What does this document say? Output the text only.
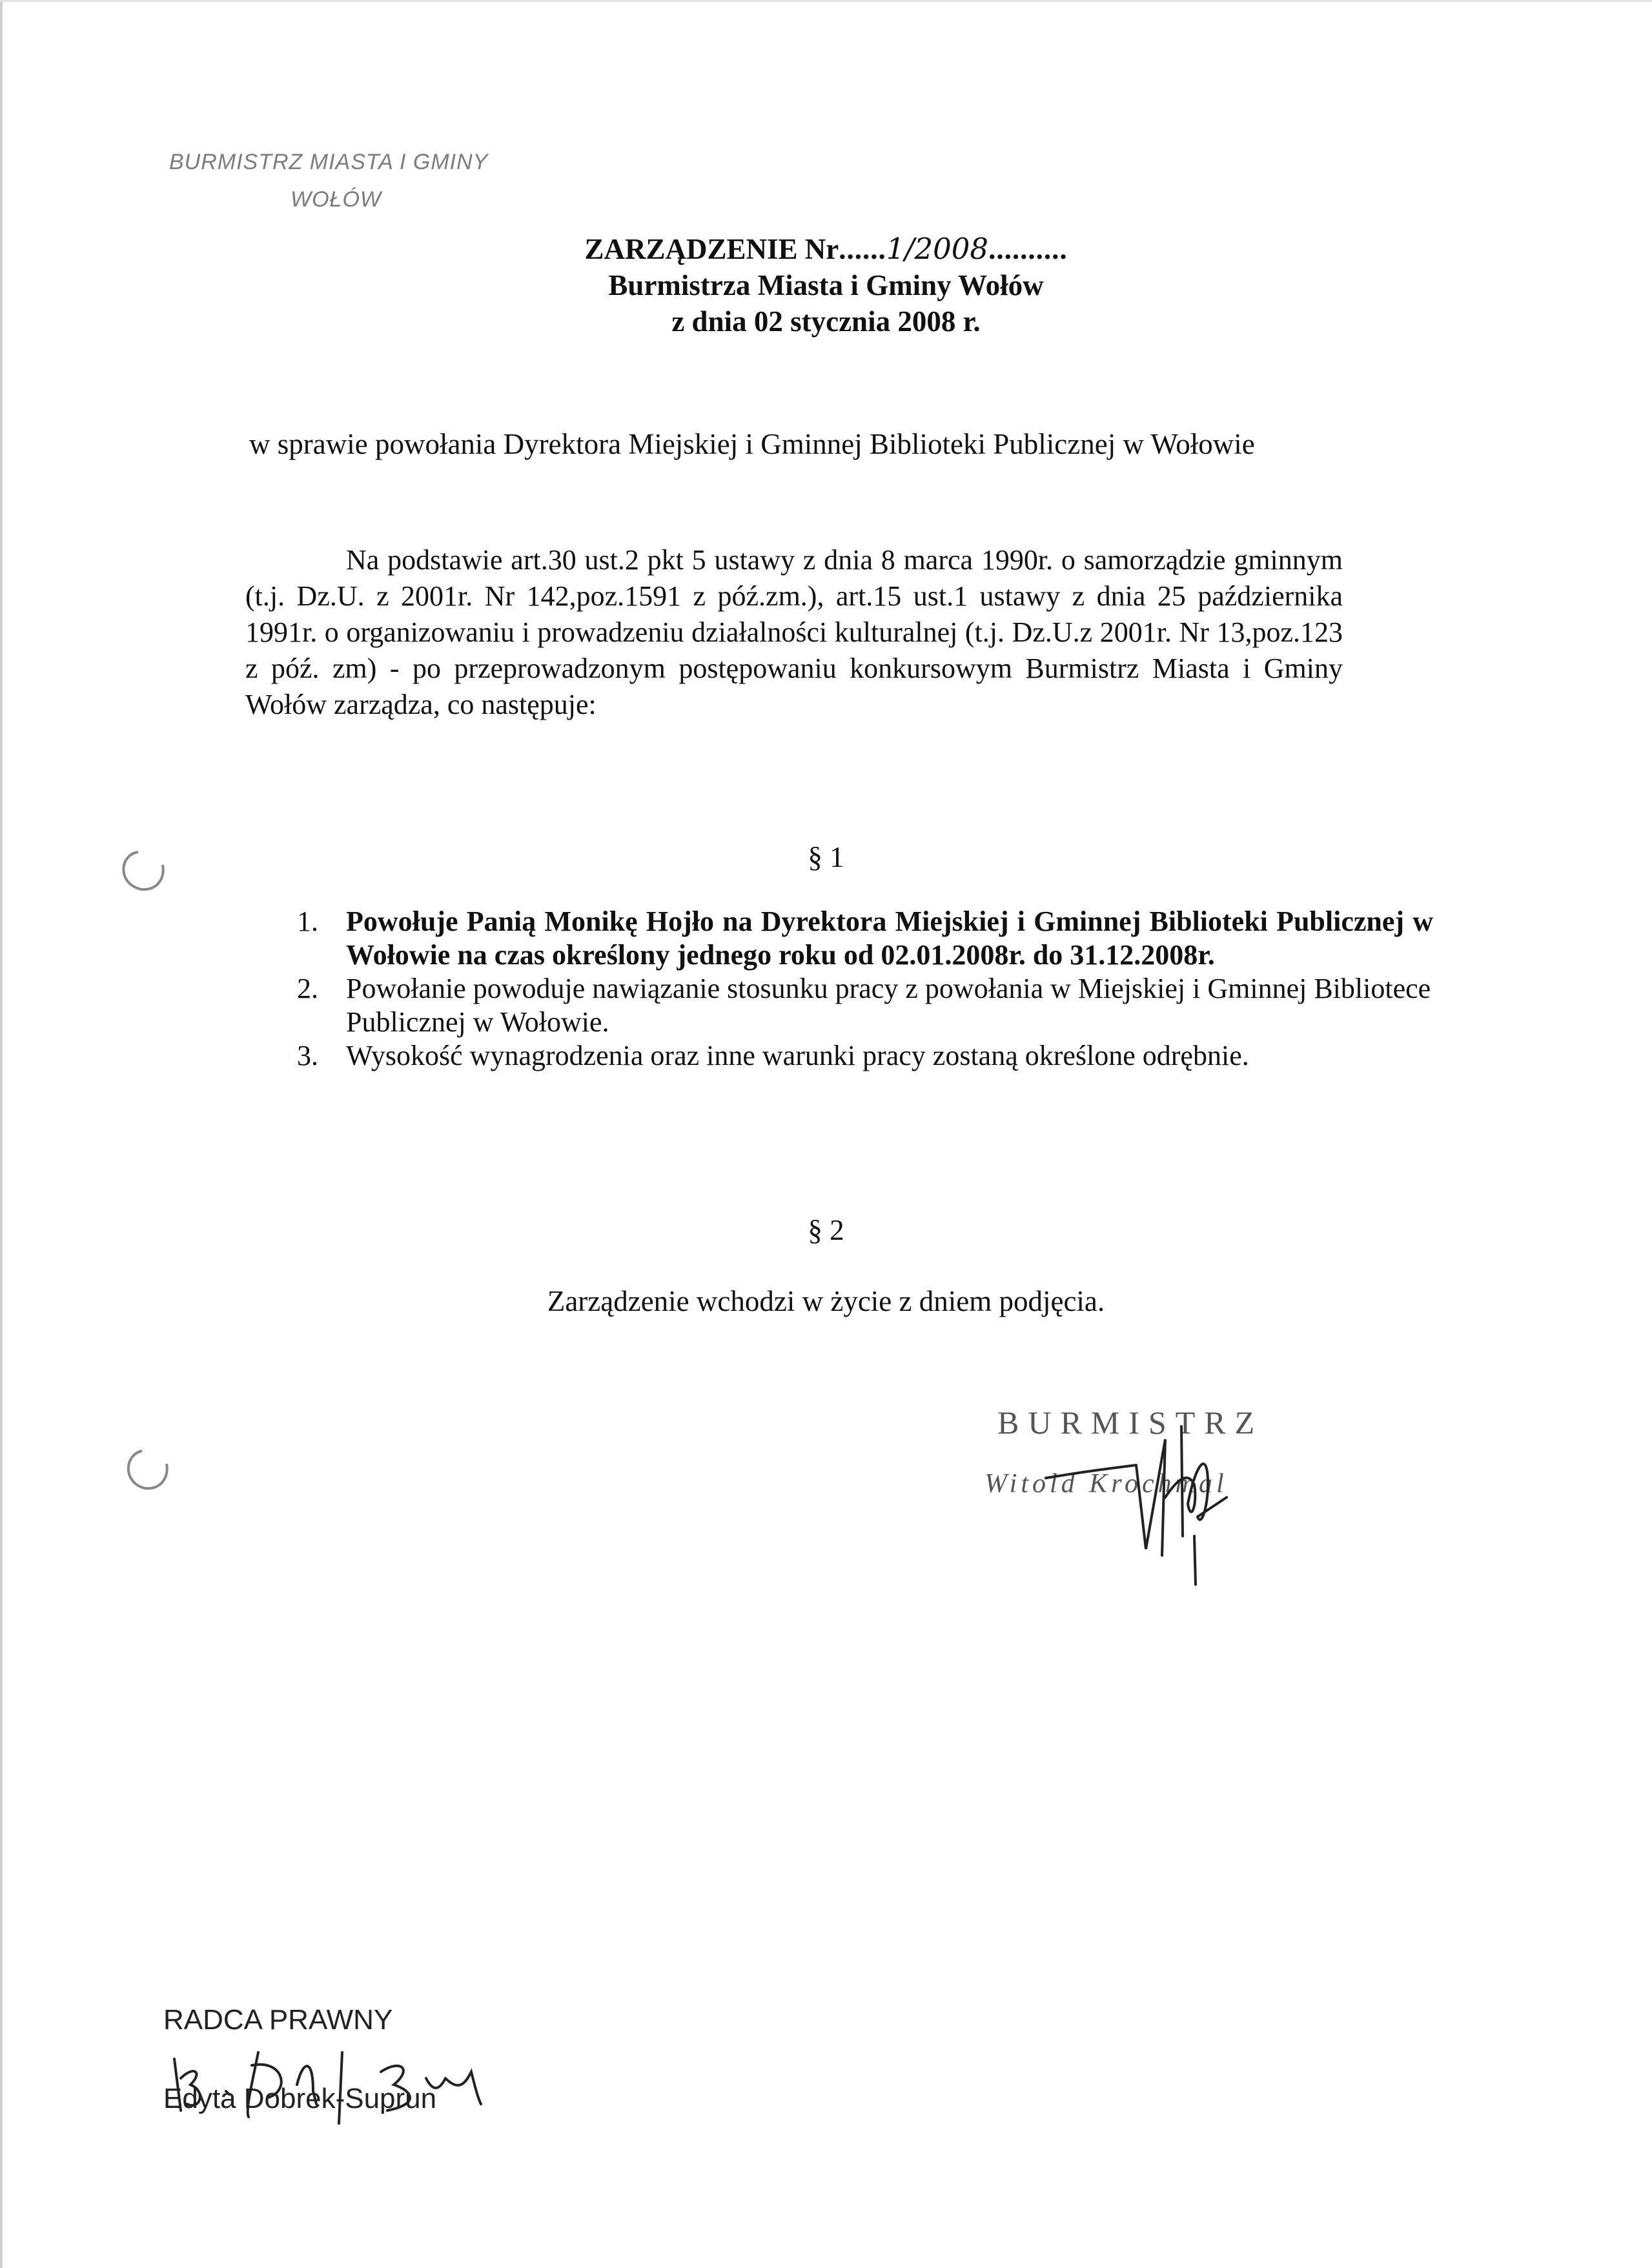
BURMISTRZ MIASTA I GMINY
WOŁÓW
ZARZĄDZENIE Nr......1/2008..........
Burmistrza Miasta i Gminy Wołów
z dnia 02 stycznia 2008 r.
w sprawie powołania Dyrektora Miejskiej i Gminnej Biblioteki Publicznej w Wołowie
Na podstawie art.30 ust.2 pkt 5 ustawy z dnia 8 marca 1990r. o samorządzie gminnym (t.j. Dz.U. z 2001r. Nr 142,poz.1591 z póź.zm.), art.15 ust.1 ustawy z dnia 25 października 1991r. o organizowaniu i prowadzeniu działalności kulturalnej (t.j. Dz.U.z 2001r. Nr 13,poz.123 z póź. zm) - po przeprowadzonym postępowaniu konkursowym Burmistrz Miasta i Gminy Wołów zarządza, co następuje:
§ 1
1. Powołuje Panią Monikę Hojło na Dyrektora Miejskiej i Gminnej Biblioteki Publicznej w Wołowie na czas określony jednego roku od 02.01.2008r. do 31.12.2008r.
2. Powołanie powoduje nawiązanie stosunku pracy z powołania w Miejskiej i Gminnej Bibliotece Publicznej w Wołowie.
3. Wysokość wynagrodzenia oraz inne warunki pracy zostaną określone odrębnie.
§ 2
Zarządzenie wchodzi w życie z dniem podjęcia.
BURMISTRZ
Witold Krochmal
RADCA PRAWNY
Edyta Dobrek-Suprun
